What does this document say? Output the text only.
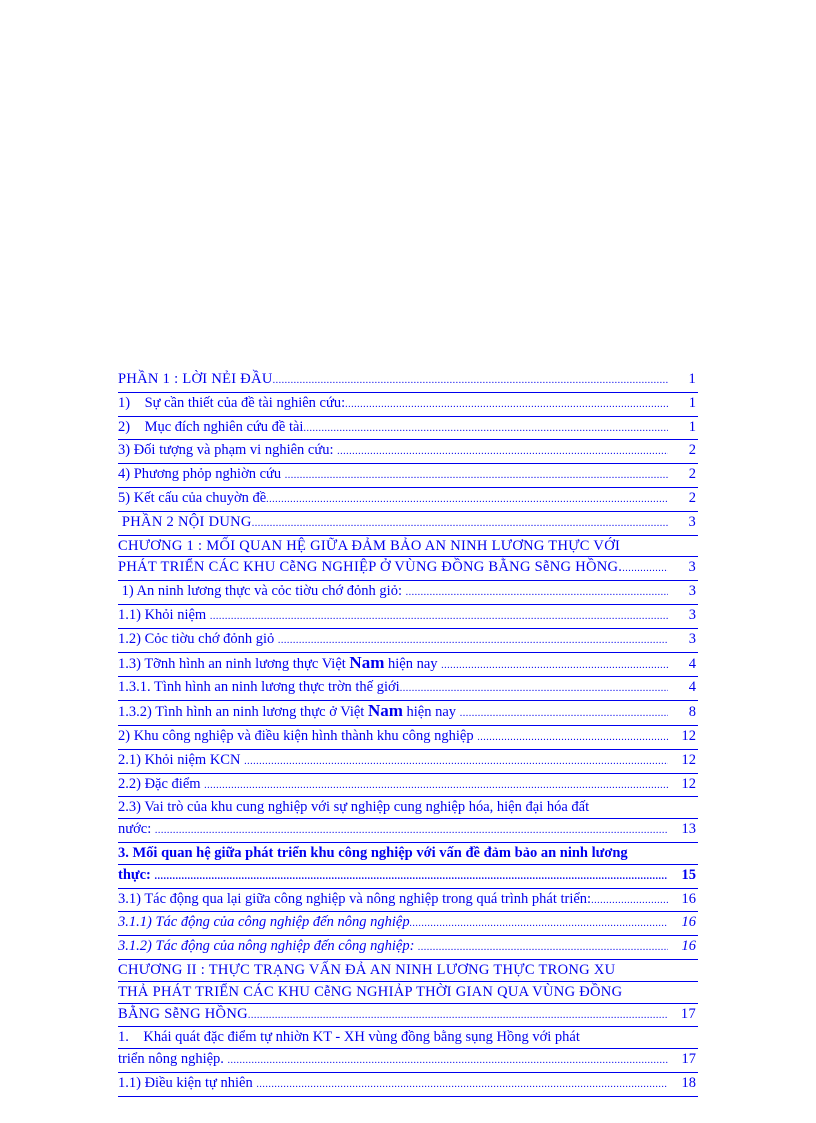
PHẦN 1 : LỜI NẺI ĐẦU .....	1
1)    Sự cần thiết của đề tài nghiên cứu: .....	1
2)    Mục đích nghiên cứu đề tài .....	1
3) Đối tượng và phạm vi nghiên cứu: .....	2
4) Phương phỏp nghiờn cứu .....	2
5) Kết cấu của chuyờn đề .....	2
PHẦN 2 NỘI DUNG .....	3
CHƯƠNG 1 : MỐI QUAN HỆ GIỮA ĐẢM BẢO AN NINH LƯƠNG THỰC VỚI
PHÁT TRIỂN CÁC KHU CễNG NGHIỆP Ở VÙNG ĐỒNG BẰNG SễNG HỒNG. .....	3
1) An ninh lương thực và cỏc tiờu chớ đỏnh giỏ: .....	3
1.1) Khỏi niệm .....	3
1.2) Cỏc tiờu chớ đỏnh giỏ .....	3
1.3) Tỡnh hình an ninh lương thực Việt Nam hiện nay .....	4
1.3.1. Tình hình an ninh lương thực trờn thế giới .....	4
1.3.2) Tình hình an ninh lương thực ở Việt Nam hiện nay .....	8
2) Khu công nghiệp và điều kiện hình thành khu công nghiệp .....	12
2.1) Khỏi niệm KCN .....	12
2.2) Đặc điểm .....	12
2.3) Vai trò của khu cung nghiệp với sự nghiệp cung nghiệp hóa, hiện đại hóa đất
nước: .....	13
3. Mối quan hệ giữa phát triển khu công nghiệp với vấn đề đảm bảo an ninh lương
thực: .....	15
3.1) Tác động qua lại giữa công nghiệp và nông nghiệp trong quá trình phát triển: .....	16
3.1.1) Tác động của công nghiệp đến nông nghiệp .....	16
3.1.2) Tác động của nông nghiệp đến công nghiệp: .....	16
CHƯƠNG II : THỰC TRẠNG VẤN ĐẢ AN NINH LƯƠNG THỰC TRONG XU
THẢ PHÁT TRIỂN CÁC KHU CễNG NGHIẢP THỜI GIAN QUA VÙNG ĐỒNG
BẰNG SễNG HỒNG .....	17
1.    Khái quát đặc điểm tự nhiờn KT - XH vùng đồng bằng sụng Hồng với phát
triển nông nghiệp. .....	17
1.1) Điều kiện tự nhiên .....	18
